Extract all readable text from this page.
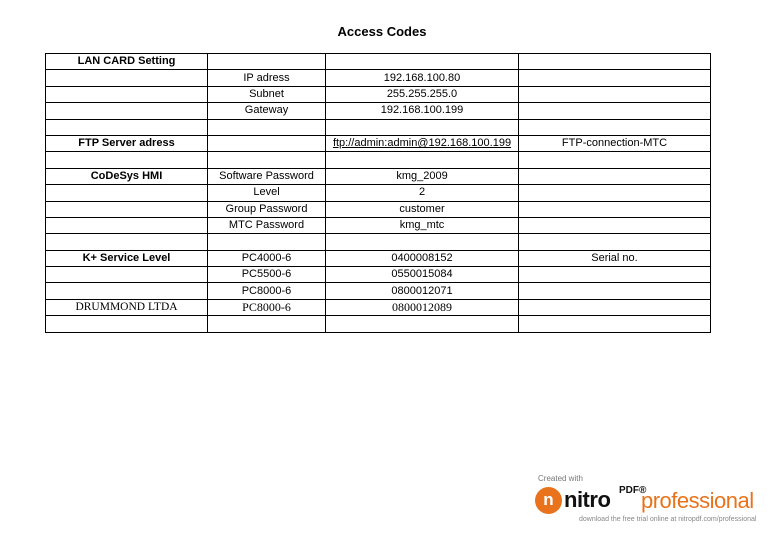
Access Codes
LAN CARD Setting			
	IP adress	192.168.100.80	
	Subnet	255.255.255.0	
	Gateway	192.168.100.199	

FTP Server adress		ftp://admin:admin@192.168.100.199	FTP-connection-MTC

CoDeSys HMI	Software Password	kmg_2009	
	Level	2	
	Group Password	customer	
	MTC Password	kmg_mtc	

K+ Service Level	PC4000-6	0400008152	Serial no.
	PC5500-6	0550015084	
	PC8000-6	0800012071	
DRUMMOND LTDA	PC8000-6	0800012089	

Created with
n nitro PDF®
professional
download the free trial online at nitropdf.com/professional
